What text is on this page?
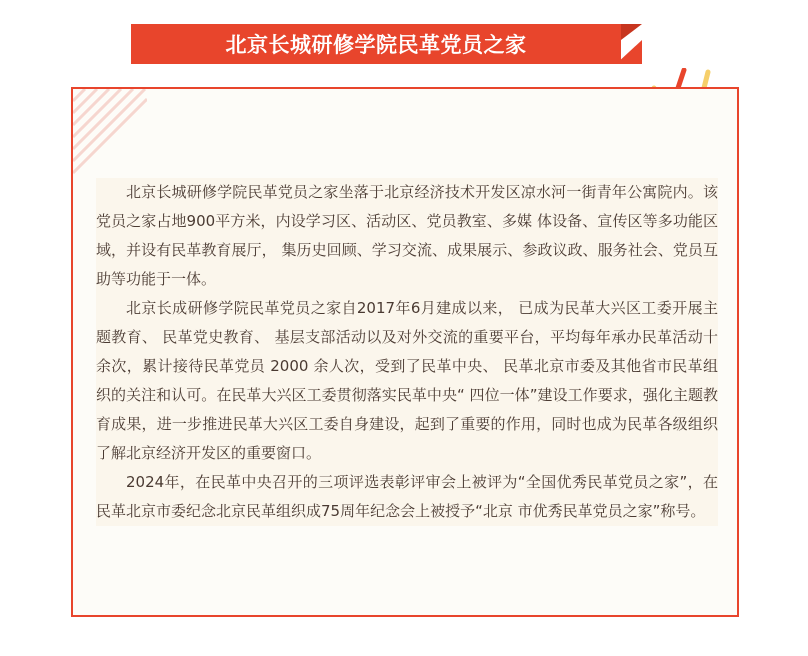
北京长城研修学院民革党员之家

北京长城研修学院民革党员之家坐落于北京经济技术开发区凉水河一街青年公寓院内。该党员之家占地900平方米，内设学习区、活动区、党员教室、多媒 体设备、宣传区等多功能区域，并设有民革教育展厅， 集历史回顾、学习交流、成果展示、参政议政、服务社会、党员互助等功能于一体。

北京长成研修学院民革党员之家自2017年6月建成以来， 已成为民革大兴区工委开展主题教育、 民革党史教育、 基层支部活动以及对外交流的重要平台，平均每年承办民革活动十余次，累计接待民革党员 2000 余人次，受到了民革中央、 民革北京市委及其他省市民革组织的关注和认可。在民革大兴区工委贯彻落实民革中央“ 四位一体”建设工作要求，强化主题教育成果，进一步推进民革大兴区工委自身建设，起到了重要的作用，同时也成为民革各级组织了解北京经济开发区的重要窗口。

2024年，在民革中央召开的三项评选表彰评审会上被评为“全国优秀民革党员之家”，在民革北京市委纪念北京民革组织成75周年纪念会上被授予“北京 市优秀民革党员之家”称号。
